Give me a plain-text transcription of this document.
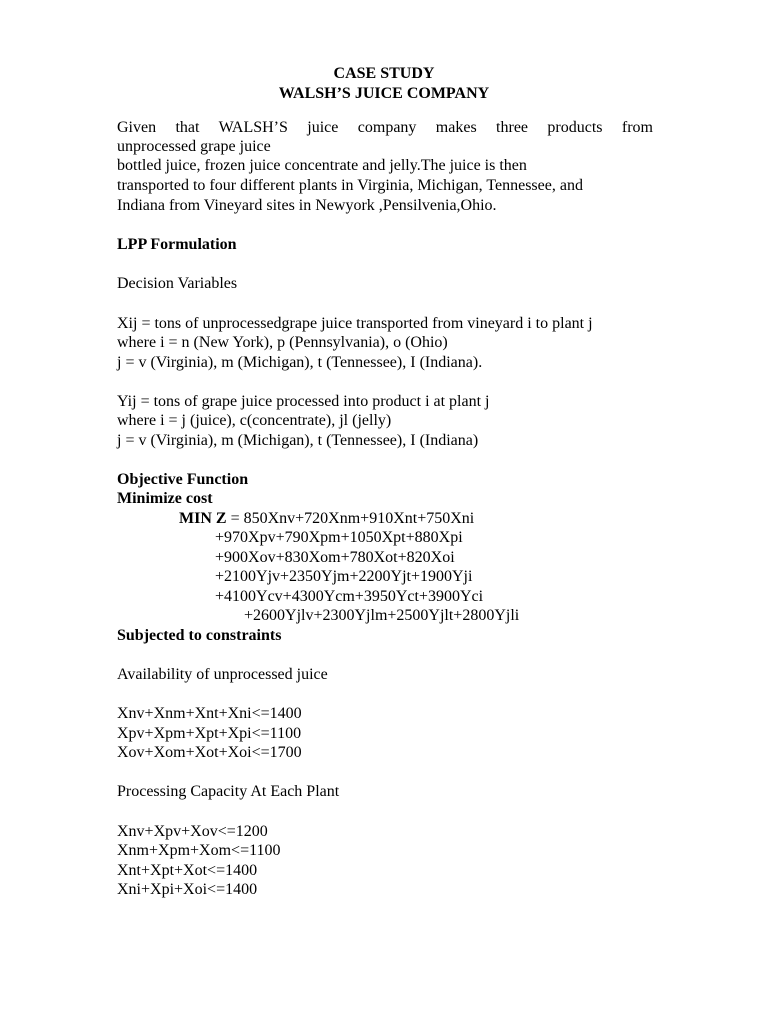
CASE STUDY
WALSH’S JUICE COMPANY
Given that WALSH’S juice company makes three products from
unprocessed grape juice
bottled juice, frozen juice concentrate and jelly.The juice is then
transported to four different plants in Virginia, Michigan, Tennessee, and
Indiana from Vineyard sites in Newyork ,Pensilvenia,Ohio.
LPP Formulation
Decision Variables
Xij = tons of unprocessedgrape juice transported from vineyard i to plant j
where i = n (New York), p (Pennsylvania), o (Ohio)
j = v (Virginia), m (Michigan), t (Tennessee), I (Indiana).
Yij = tons of grape juice processed into product i at plant j
where i = j (juice), c(concentrate), jl (jelly)
j = v (Virginia), m (Michigan), t (Tennessee), I (Indiana)
Objective Function
Minimize cost
MIN Z = 850Xnv+720Xnm+910Xnt+750Xni
+970Xpv+790Xpm+1050Xpt+880Xpi
+900Xov+830Xom+780Xot+820Xoi
+2100Yjv+2350Yjm+2200Yjt+1900Yji
+4100Ycv+4300Ycm+3950Yct+3900Yci
+2600Yjlv+2300Yjlm+2500Yjlt+2800Yjli
Subjected to constraints
Availability of unprocessed juice
Xnv+Xnm+Xnt+Xni<=1400
Xpv+Xpm+Xpt+Xpi<=1100
Xov+Xom+Xot+Xoi<=1700
Processing Capacity At Each Plant
Xnv+Xpv+Xov<=1200
Xnm+Xpm+Xom<=1100
Xnt+Xpt+Xot<=1400
Xni+Xpi+Xoi<=1400
